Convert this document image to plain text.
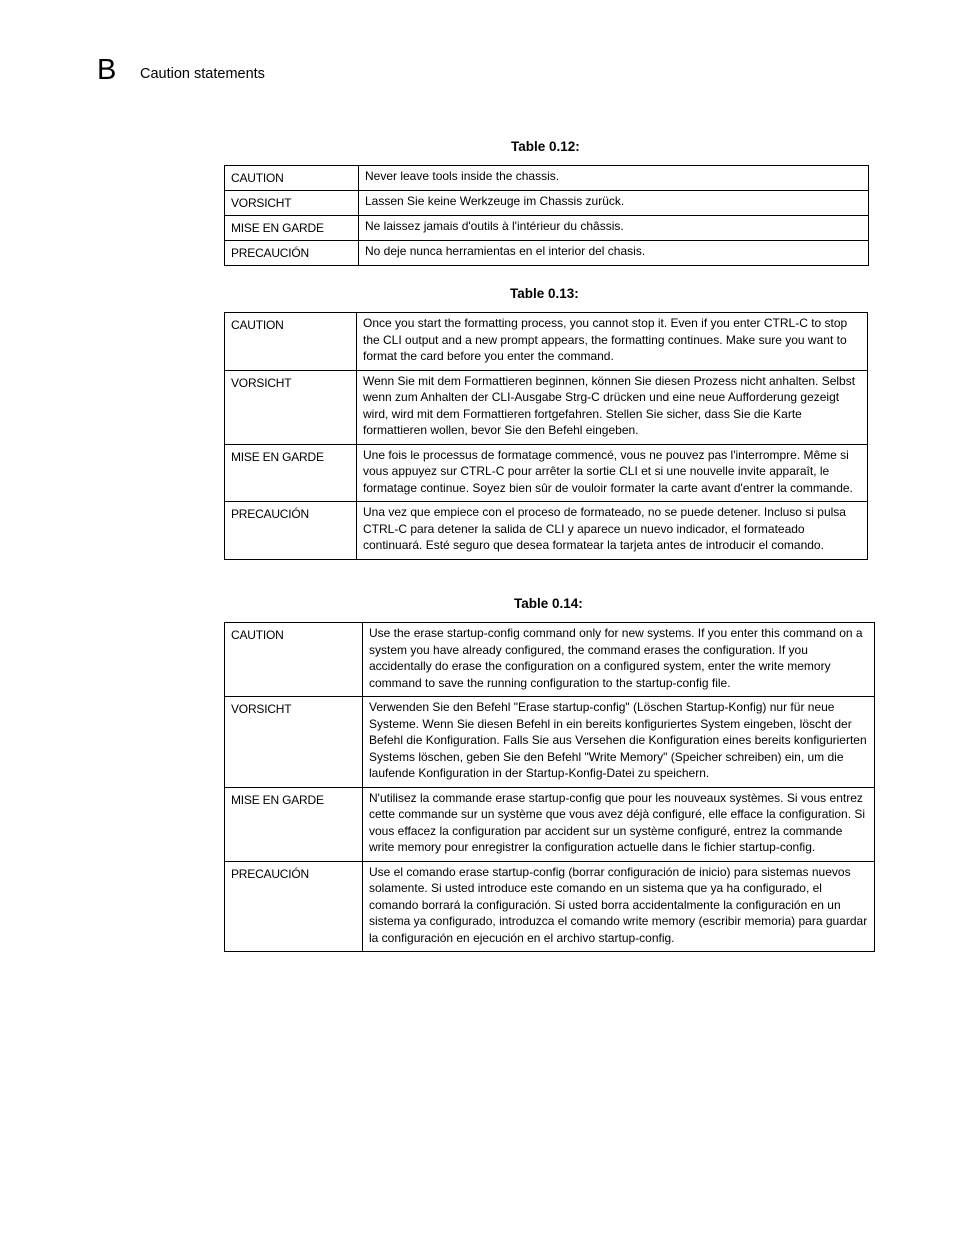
B Caution statements
Table 0.12:
CAUTION	Never leave tools inside the chassis.
VORSICHT	Lassen Sie keine Werkzeuge im Chassis zurück.
MISE EN GARDE	Ne laissez jamais d'outils à l'intérieur du châssis.
PRECAUCIÓN	No deje nunca herramientas en el interior del chasis.
Table 0.13:
CAUTION	Once you start the formatting process, you cannot stop it. Even if you enter CTRL-C to stop the CLI output and a new prompt appears, the formatting continues. Make sure you want to format the card before you enter the command.
VORSICHT	Wenn Sie mit dem Formattieren beginnen, können Sie diesen Prozess nicht anhalten. Selbst wenn zum Anhalten der CLI-Ausgabe Strg-C drücken und eine neue Aufforderung gezeigt wird, wird mit dem Formattieren fortgefahren. Stellen Sie sicher, dass Sie die Karte formattieren wollen, bevor Sie den Befehl eingeben.
MISE EN GARDE	Une fois le processus de formatage commencé, vous ne pouvez pas l'interrompre. Même si vous appuyez sur CTRL-C pour arrêter la sortie CLI et si une nouvelle invite apparaît, le formatage continue. Soyez bien sûr de vouloir formater la carte avant d'entrer la commande.
PRECAUCIÓN	Una vez que empiece con el proceso de formateado, no se puede detener. Incluso si pulsa CTRL-C para detener la salida de CLI y aparece un nuevo indicador, el formateado continuará. Esté seguro que desea formatear la tarjeta antes de introducir el comando.
Table 0.14:
CAUTION	Use the erase startup-config command only for new systems. If you enter this command on a system you have already configured, the command erases the configuration. If you accidentally do erase the configuration on a configured system, enter the write memory command to save the running configuration to the startup-config file.
VORSICHT	Verwenden Sie den Befehl "Erase startup-config" (Löschen Startup-Konfig) nur für neue Systeme. Wenn Sie diesen Befehl in ein bereits konfiguriertes System eingeben, löscht der Befehl die Konfiguration. Falls Sie aus Versehen die Konfiguration eines bereits konfigurierten Systems löschen, geben Sie den Befehl "Write Memory" (Speicher schreiben) ein, um die laufende Konfiguration in der Startup-Konfig-Datei zu speichern.
MISE EN GARDE	N'utilisez la commande erase startup-config que pour les nouveaux systèmes. Si vous entrez cette commande sur un système que vous avez déjà configuré, elle efface la configuration. Si vous effacez la configuration par accident sur un système configuré, entrez la commande write memory pour enregistrer la configuration actuelle dans le fichier startup-config.
PRECAUCIÓN	Use el comando erase startup-config (borrar configuración de inicio) para sistemas nuevos solamente. Si usted introduce este comando en un sistema que ya ha configurado, el comando borrará la configuración. Si usted borra accidentalmente la configuración en un sistema ya configurado, introduzca el comando write memory (escribir memoria) para guardar la configuración en ejecución en el archivo startup-config.
